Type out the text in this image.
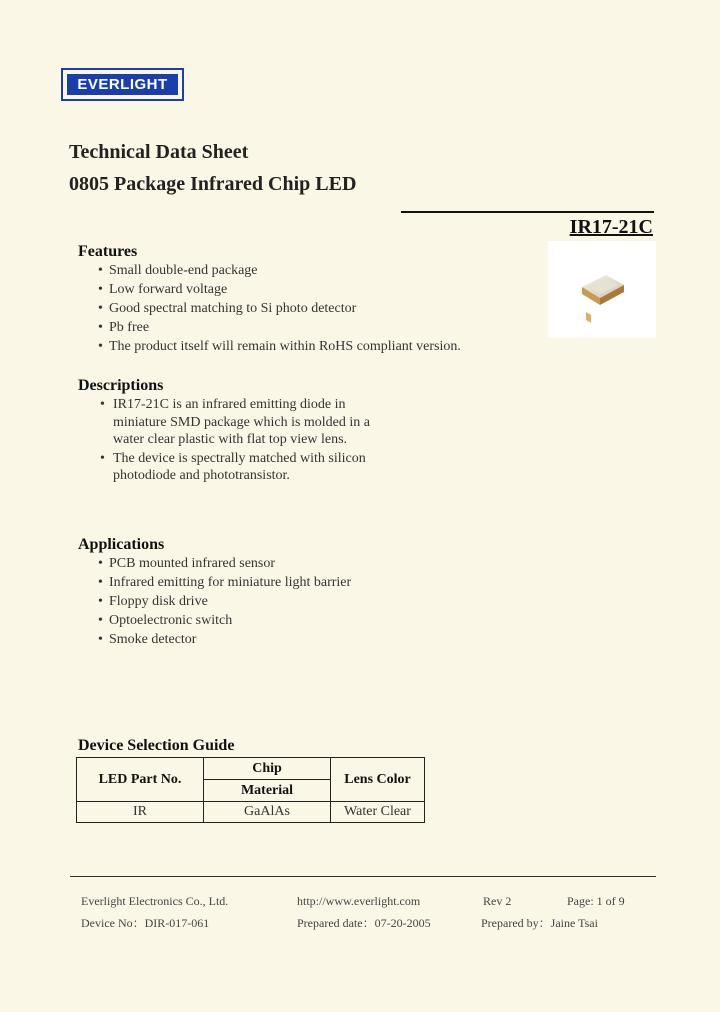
EVERLIGHT
Technical Data Sheet
0805 Package Infrared Chip LED
IR17-21C
Features
• Small double-end package
• Low forward voltage
• Good spectral matching to Si photo detector
• Pb free
• The product itself will remain within RoHS compliant version.
Descriptions
• IR17-21C is an infrared emitting diode in miniature SMD package which is molded in a water clear plastic with flat top view lens.
• The device is spectrally matched with silicon photodiode and phototransistor.
Applications
• PCB mounted infrared sensor
• Infrared emitting for miniature light barrier
• Floppy disk drive
• Optoelectronic switch
• Smoke detector
Device Selection Guide
LED Part No.	Chip	Lens Color
	Material	
IR	GaAlAs	Water Clear
Everlight Electronics Co., Ltd.	http://www.everlight.com	Rev 2	Page: 1 of 9
Device No：DIR-017-061	Prepared date：07-20-2005	Prepared by：Jaine Tsai
